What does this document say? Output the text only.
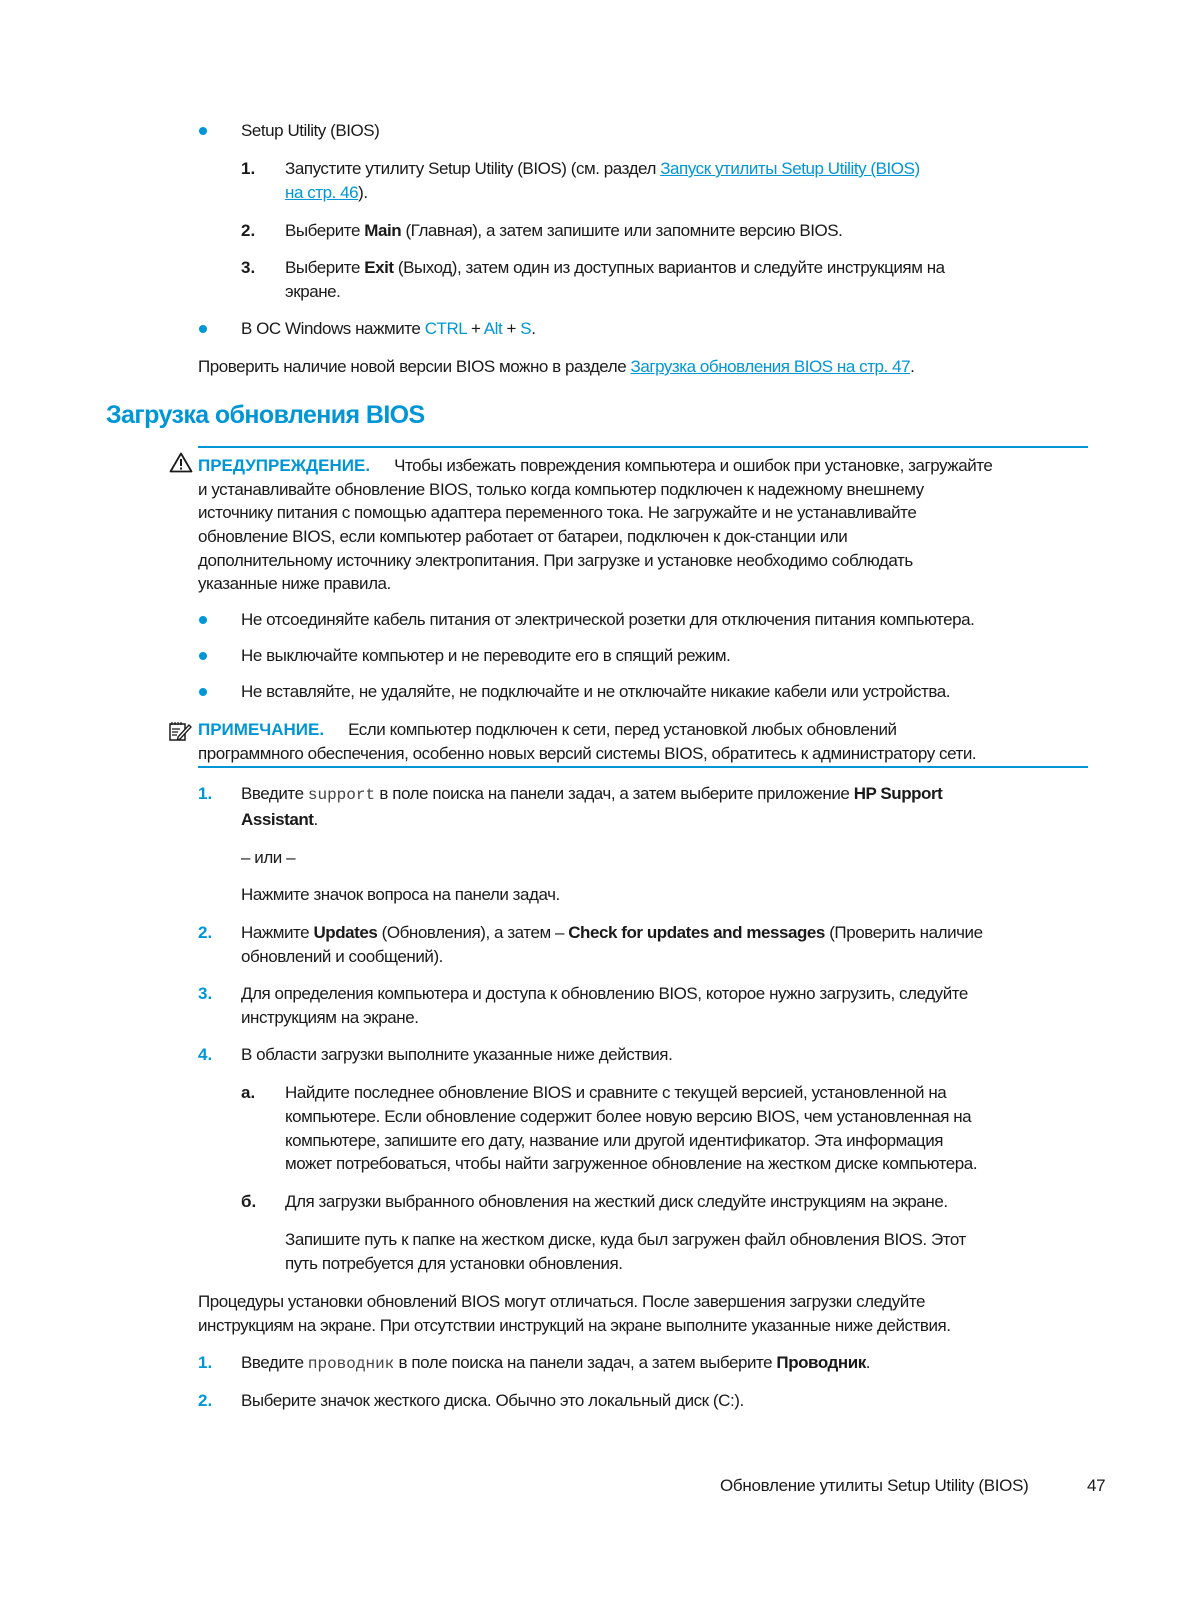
Setup Utility (BIOS)
1. Запустите утилиту Setup Utility (BIOS) (см. раздел Запуск утилиты Setup Utility (BIOS)
на стр. 46).
2. Выберите Main (Главная), а затем запишите или запомните версию BIOS.
3. Выберите Exit (Выход), затем один из доступных вариантов и следуйте инструкциям на
экране.
В ОС Windows нажмите CTRL + Alt + S.
Проверить наличие новой версии BIOS можно в разделе Загрузка обновления BIOS на стр. 47.
Загрузка обновления BIOS
ПРЕДУПРЕЖДЕНИЕ. Чтобы избежать повреждения компьютера и ошибок при установке, загружайте
и устанавливайте обновление BIOS, только когда компьютер подключен к надежному внешнему
источнику питания с помощью адаптера переменного тока. Не загружайте и не устанавливайте
обновление BIOS, если компьютер работает от батареи, подключен к док-станции или
дополнительному источнику электропитания. При загрузке и установке необходимо соблюдать
указанные ниже правила.
Не отсоединяйте кабель питания от электрической розетки для отключения питания компьютера.
Не выключайте компьютер и не переводите его в спящий режим.
Не вставляйте, не удаляйте, не подключайте и не отключайте никакие кабели или устройства.
ПРИМЕЧАНИЕ. Если компьютер подключен к сети, перед установкой любых обновлений
программного обеспечения, особенно новых версий системы BIOS, обратитесь к администратору сети.
1. Введите support в поле поиска на панели задач, а затем выберите приложение HP Support
Assistant.
– или –
Нажмите значок вопроса на панели задач.
2. Нажмите Updates (Обновления), а затем – Check for updates and messages (Проверить наличие
обновлений и сообщений).
3. Для определения компьютера и доступа к обновлению BIOS, которое нужно загрузить, следуйте
инструкциям на экране.
4. В области загрузки выполните указанные ниже действия.
а. Найдите последнее обновление BIOS и сравните с текущей версией, установленной на
компьютере. Если обновление содержит более новую версию BIOS, чем установленная на
компьютере, запишите его дату, название или другой идентификатор. Эта информация
может потребоваться, чтобы найти загруженное обновление на жестком диске компьютера.
б. Для загрузки выбранного обновления на жесткий диск следуйте инструкциям на экране.
Запишите путь к папке на жестком диске, куда был загружен файл обновления BIOS. Этот
путь потребуется для установки обновления.
Процедуры установки обновлений BIOS могут отличаться. После завершения загрузки следуйте
инструкциям на экране. При отсутствии инструкций на экране выполните указанные ниже действия.
1. Введите проводник в поле поиска на панели задач, а затем выберите Проводник.
2. Выберите значок жесткого диска. Обычно это локальный диск (C:).
Обновление утилиты Setup Utility (BIOS)	47
